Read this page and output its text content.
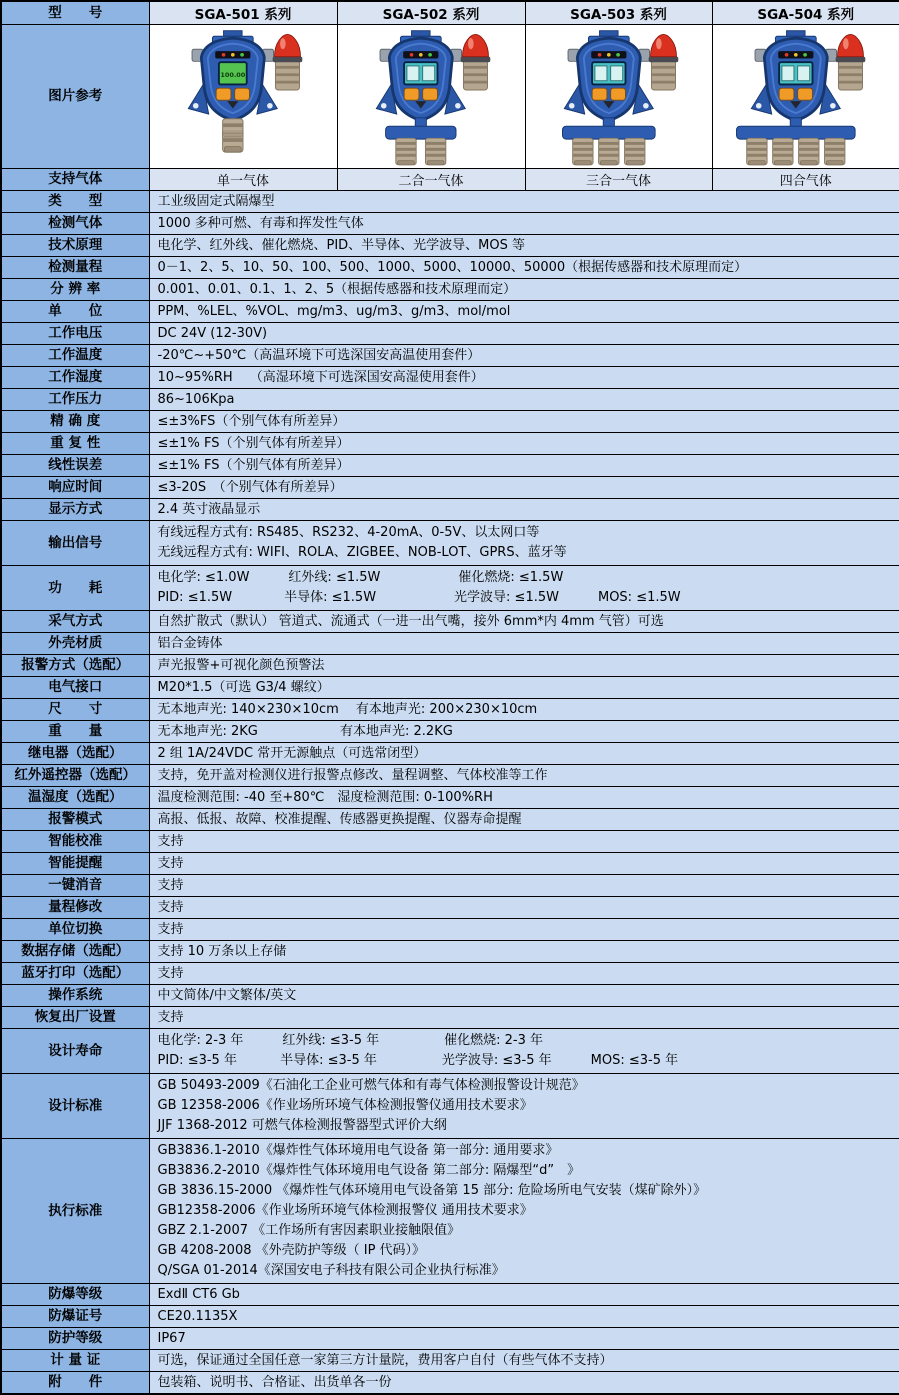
型　　号	SGA-501 系列	SGA-502 系列	SGA-503 系列	SGA-504 系列
图片参考	100.00

支持气体	单一气体	二合一气体	三合一气体	四合气体
类　　型	工业级固定式隔爆型			

检测气体	1000 多种可燃、有毒和挥发性气体			

技术原理	电化学、红外线、催化燃烧、PID、半导体、光学波导、MOS 等			

检测量程	0－1、2、5、10、50、100、500、1000、5000、10000、50000（根据传感器和技术原理而定）			

分 辨 率	0.001、0.01、0.1、1、2、5（根据传感器和技术原理而定）			

单　　位	PPM、%LEL、%VOL、mg/m3、ug/m3、g/m3、mol/mol			

工作电压	DC 24V (12-30V)			

工作温度	-20℃~+50℃（高温环境下可选深国安高温使用套件）			

工作湿度	10~95%RH　 （高湿环境下可选深国安高湿使用套件）			

工作压力	86~106Kpa			

精 确 度	≤±3%FS（个别气体有所差异）			

重 复 性	≤±1% FS（个别气体有所差异）			

线性误差	≤±1% FS（个别气体有所差异）			

响应时间	≤3-20S　（个别气体有所差异）			

显示方式	2.4 英寸液晶显示			

输出信号	有线远程方式有: RS485、RS232、4-20mA、0-5V、以太网口等
无线远程方式有: WIFI、ROLA、ZIGBEE、NOB-LOT、GPRS、蓝牙等			

功　　耗	电化学: ≤1.0W　　　红外线: ≤1.5W　　　　　　催化燃烧: ≤1.5W
PID: ≤1.5W　　　　半导体: ≤1.5W　　　　　　光学波导: ≤1.5W　　　MOS: ≤1.5W			

采气方式	自然扩散式（默认） 管道式、流通式（一进一出气嘴，接外 6mm*内 4mm 气管）可选			

外壳材质	铝合金铸体			

报警方式（选配）	声光报警+可视化颜色预警法			

电气接口	M20*1.5（可选 G3/4 螺纹）			

尺　　寸	无本地声光: 140×230×10cm　 有本地声光: 200×230×10cm			

重　　量	无本地声光: 2KG　　　　　　 有本地声光: 2.2KG			

继电器（选配）	2 组 1A/24VDC 常开无源触点（可选常闭型）			

红外遥控器（选配）	支持，免开盖对检测仪进行报警点修改、量程调整、气体校准等工作			

温湿度（选配）	温度检测范围: -40 至+80℃　湿度检测范围: 0-100%RH			

报警模式	高报、低报、故障、校准提醒、传感器更换提醒、仪器寿命提醒			

智能校准	支持			

智能提醒	支持			

一键消音	支持			

量程修改	支持			

单位切换	支持			

数据存储（选配）	支持 10 万条以上存储			

蓝牙打印（选配）	支持			

操作系统	中文简体/中文繁体/英文			

恢复出厂设置	支持			

设计寿命	电化学: 2-3 年　　　红外线: ≤3-5 年　　　　　催化燃烧: 2-3 年
PID: ≤3-5 年　　　 半导体: ≤3-5 年　　　　　光学波导: ≤3-5 年　　　MOS: ≤3-5 年			

设计标准	GB 50493-2009《石油化工企业可燃气体和有毒气体检测报警设计规范》
GB 12358-2006《作业场所环境气体检测报警仪通用技术要求》
JJF 1368-2012 可燃气体检测报警器型式评价大纲			

执行标准	
GB3836.1-2010《爆炸性气体环境用电气设备 第一部分: 通用要求》
GB3836.2-2010《爆炸性气体环境用电气设备 第二部分: 隔爆型“d”　》
GB 3836.15-2000 《爆炸性气体环境用电气设备第 15 部分: 危险场所电气安装（煤矿除外）》
GB12358-2006《作业场所环境气体检测报警仪 通用技术要求》
GBZ 2.1-2007 《工作场所有害因素职业接触限值》
GB 4208-2008 《外壳防护等级（ IP 代码）》
Q/SGA 01-2014《深国安电子科技有限公司企业执行标准》

防爆等级	ExdⅡ CT6 Gb			

防爆证号	CE20.1135X			

防护等级	IP67			

计 量 证	可选，保证通过全国任意一家第三方计量院，费用客户自付（有些气体不支持）			

附　　件	包装箱、说明书、合格证、出货单各一份			
